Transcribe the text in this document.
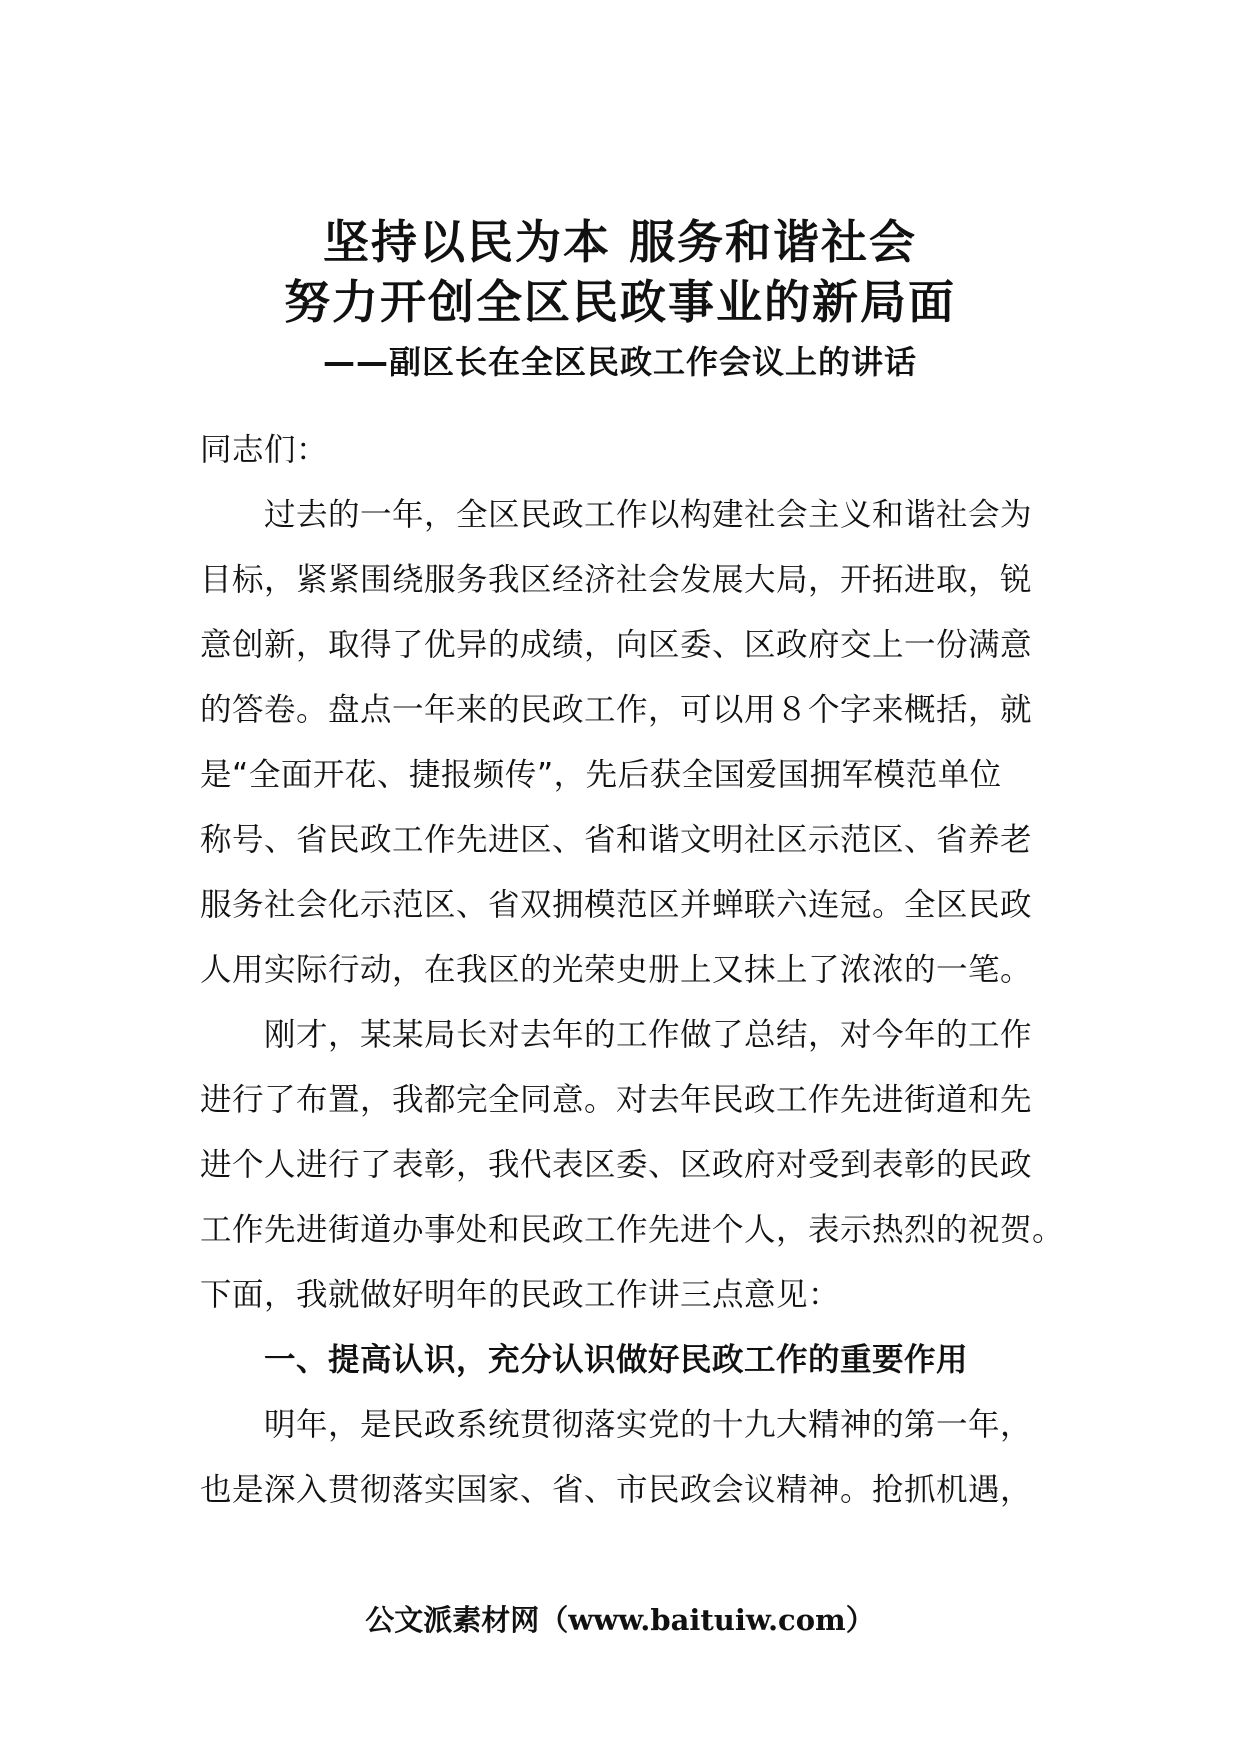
坚持以民为本 服务和谐社会
努力开创全区民政事业的新局面
——副区长在全区民政工作会议上的讲话
同志们：
过去的一年，全区民政工作以构建社会主义和谐社会为
目标，紧紧围绕服务我区经济社会发展大局，开拓进取，锐
意创新，取得了优异的成绩，向区委、区政府交上一份满意
的答卷。盘点一年来的民政工作，可以用８个字来概括，就
是“全面开花、捷报频传”，先后获全国爱国拥军模范单位
称号、省民政工作先进区、省和谐文明社区示范区、省养老
服务社会化示范区、省双拥模范区并蝉联六连冠。全区民政
人用实际行动，在我区的光荣史册上又抹上了浓浓的一笔。
刚才，某某局长对去年的工作做了总结，对今年的工作
进行了布置，我都完全同意。对去年民政工作先进街道和先
进个人进行了表彰，我代表区委、区政府对受到表彰的民政
工作先进街道办事处和民政工作先进个人，表示热烈的祝贺。
下面，我就做好明年的民政工作讲三点意见：
一、提高认识，充分认识做好民政工作的重要作用
明年，是民政系统贯彻落实党的十九大精神的第一年，
也是深入贯彻落实国家、省、市民政会议精神。抢抓机遇，
公文派素材网（www.baituiw.com）
